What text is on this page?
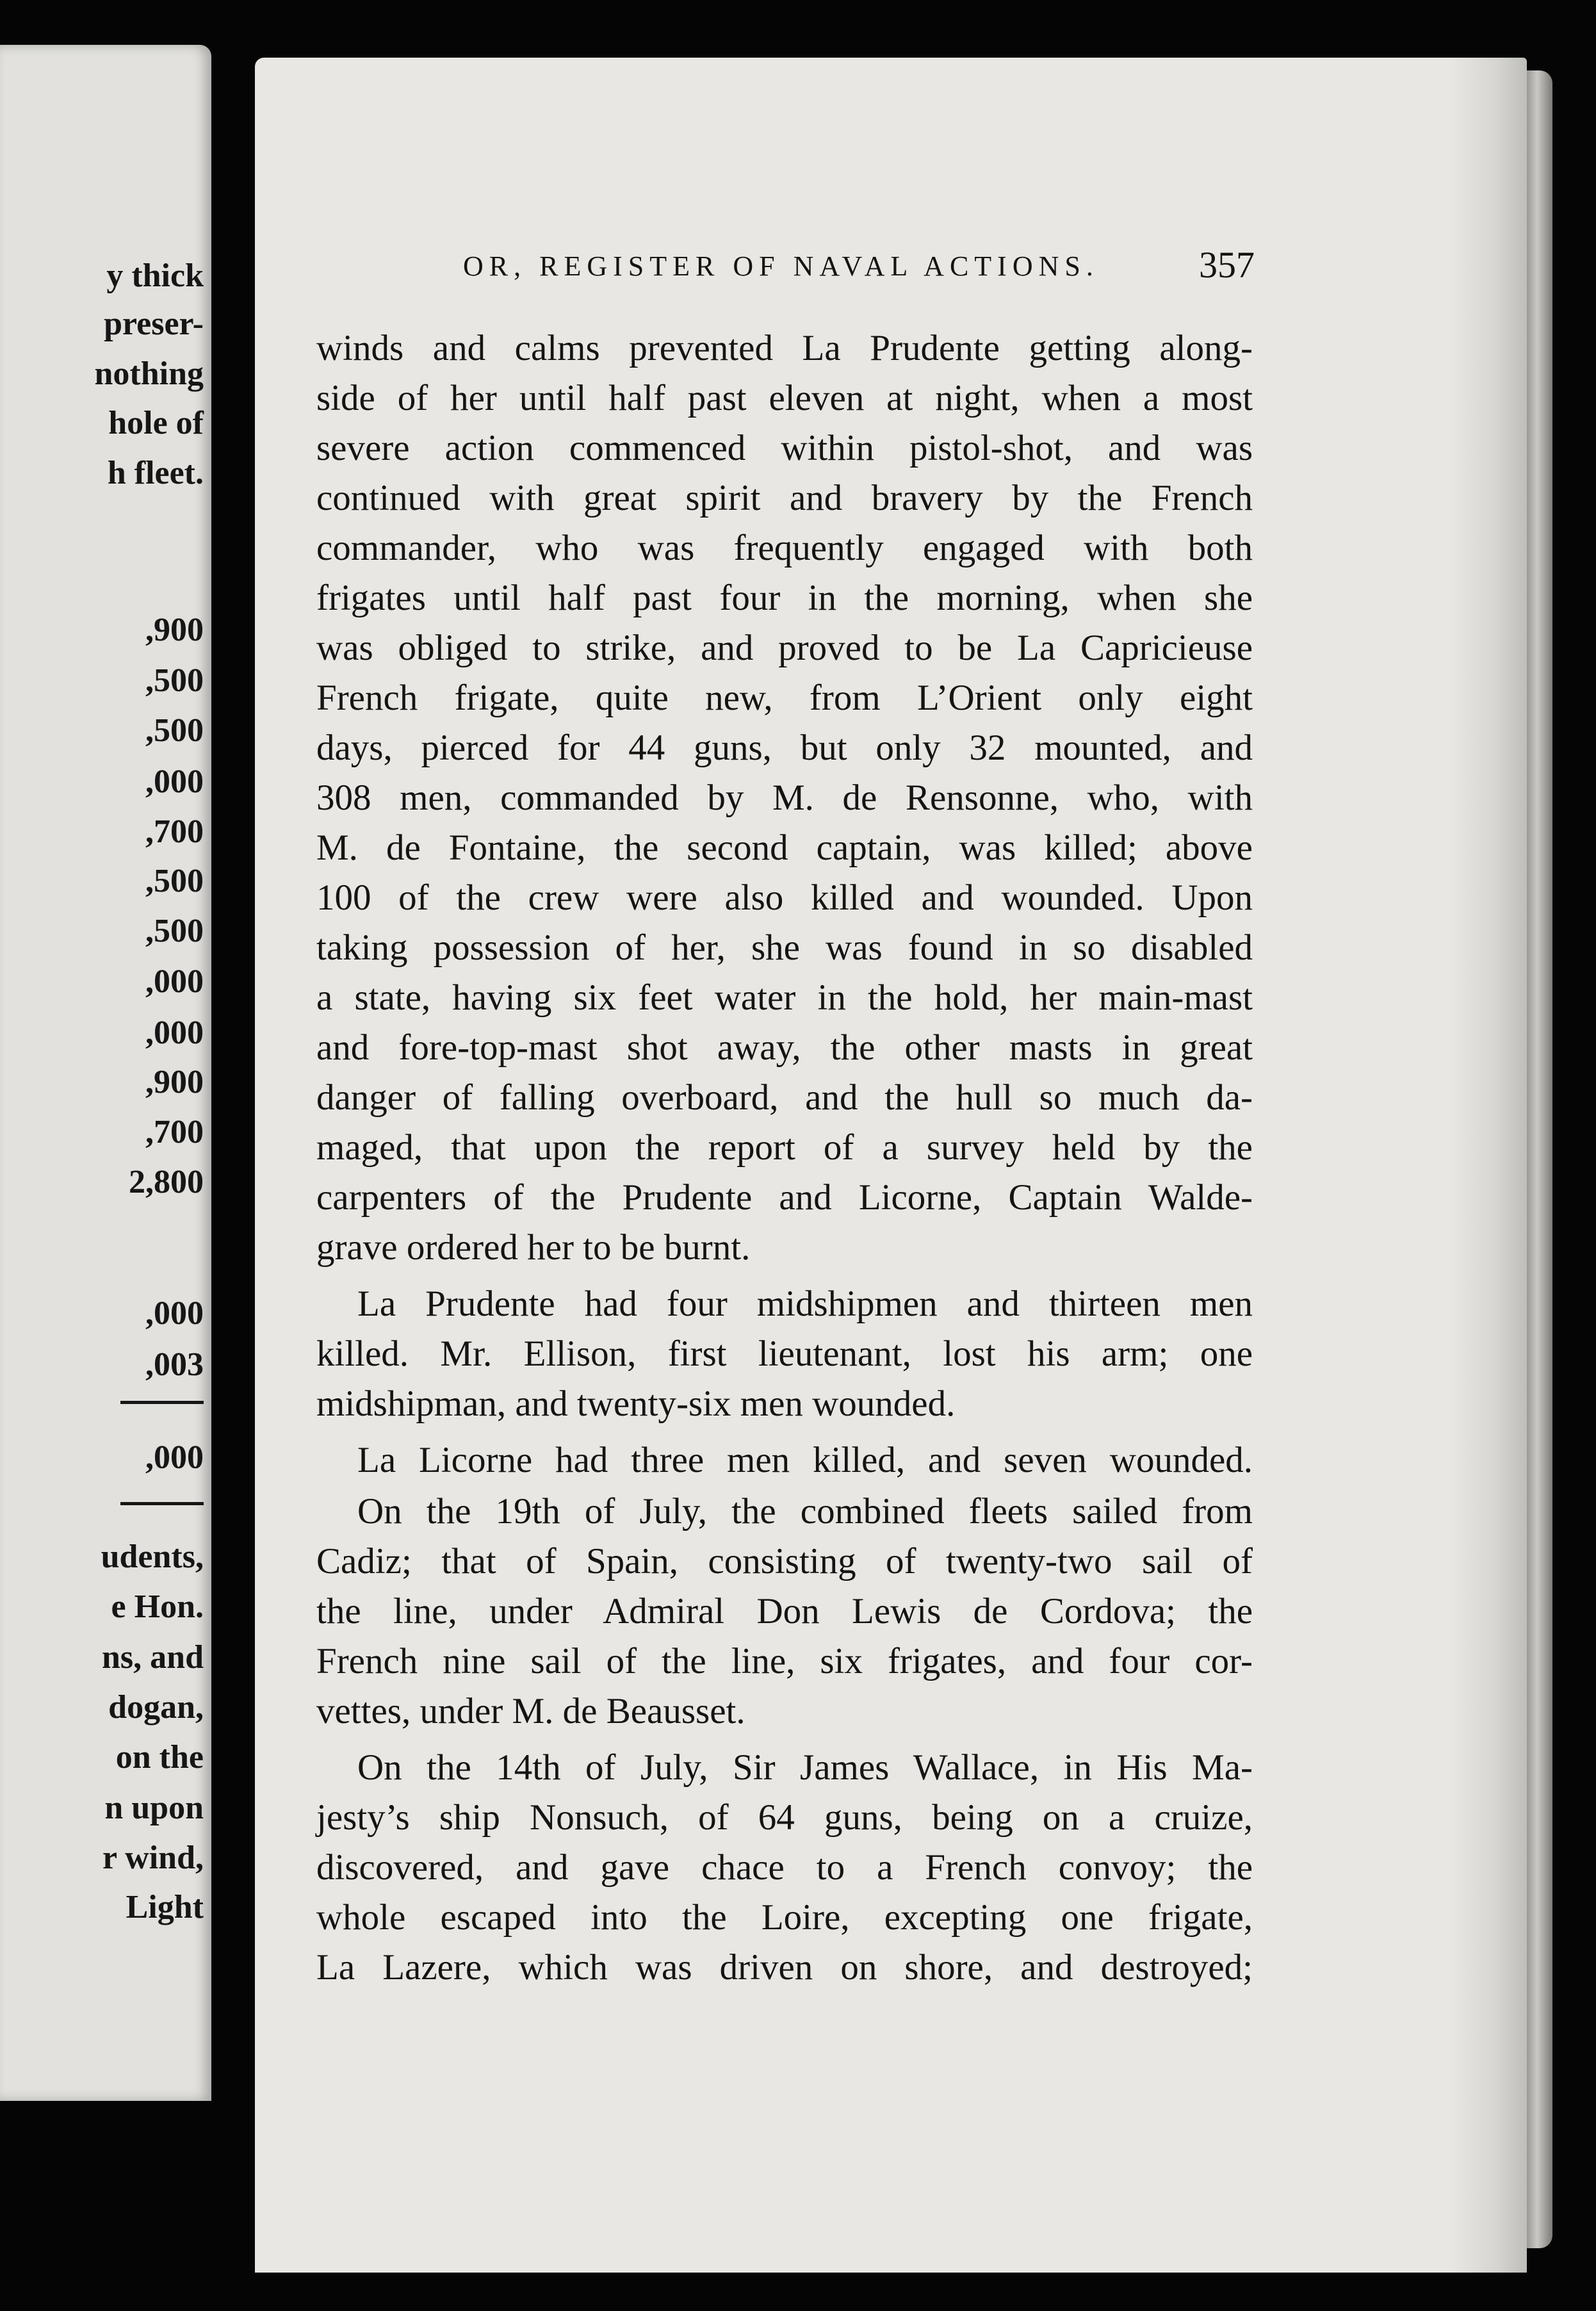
y thick
preser-
nothing
hole of
h fleet.
,900
,500
,500
,000
,700
,500
,500
,000
,000
,900
,700
2,800
,000
,003
,000
udents,
e Hon.
ns, and
dogan,
on the
n upon
r wind,
Light
OR, REGISTER OF NAVAL ACTIONS.	357
winds and calms prevented La Prudente getting along-
side of her until half past eleven at night, when a most
severe action commenced within pistol-shot, and was
continued with great spirit and bravery by the French
commander, who was frequently engaged with both
frigates until half past four in the morning, when she
was obliged to strike, and proved to be La Capricieuse
French frigate, quite new, from L’Orient only eight
days, pierced for 44 guns, but only 32 mounted, and
308 men, commanded by M. de Rensonne, who, with
M. de Fontaine, the second captain, was killed; above
100 of the crew were also killed and wounded. Upon
taking possession of her, she was found in so disabled
a state, having six feet water in the hold, her main-mast
and fore-top-mast shot away, the other masts in great
danger of falling overboard, and the hull so much da-
maged, that upon the report of a survey held by the
carpenters of the Prudente and Licorne, Captain Walde-
grave ordered her to be burnt.
La Prudente had four midshipmen and thirteen men
killed. Mr. Ellison, first lieutenant, lost his arm; one
midshipman, and twenty-six men wounded.
La Licorne had three men killed, and seven wounded.
On the 19th of July, the combined fleets sailed from
Cadiz; that of Spain, consisting of twenty-two sail of
the line, under Admiral Don Lewis de Cordova; the
French nine sail of the line, six frigates, and four cor-
vettes, under M. de Beausset.
On the 14th of July, Sir James Wallace, in His Ma-
jesty’s ship Nonsuch, of 64 guns, being on a cruize,
discovered, and gave chace to a French convoy; the
whole escaped into the Loire, excepting one frigate,
La Lazere, which was driven on shore, and destroyed;
